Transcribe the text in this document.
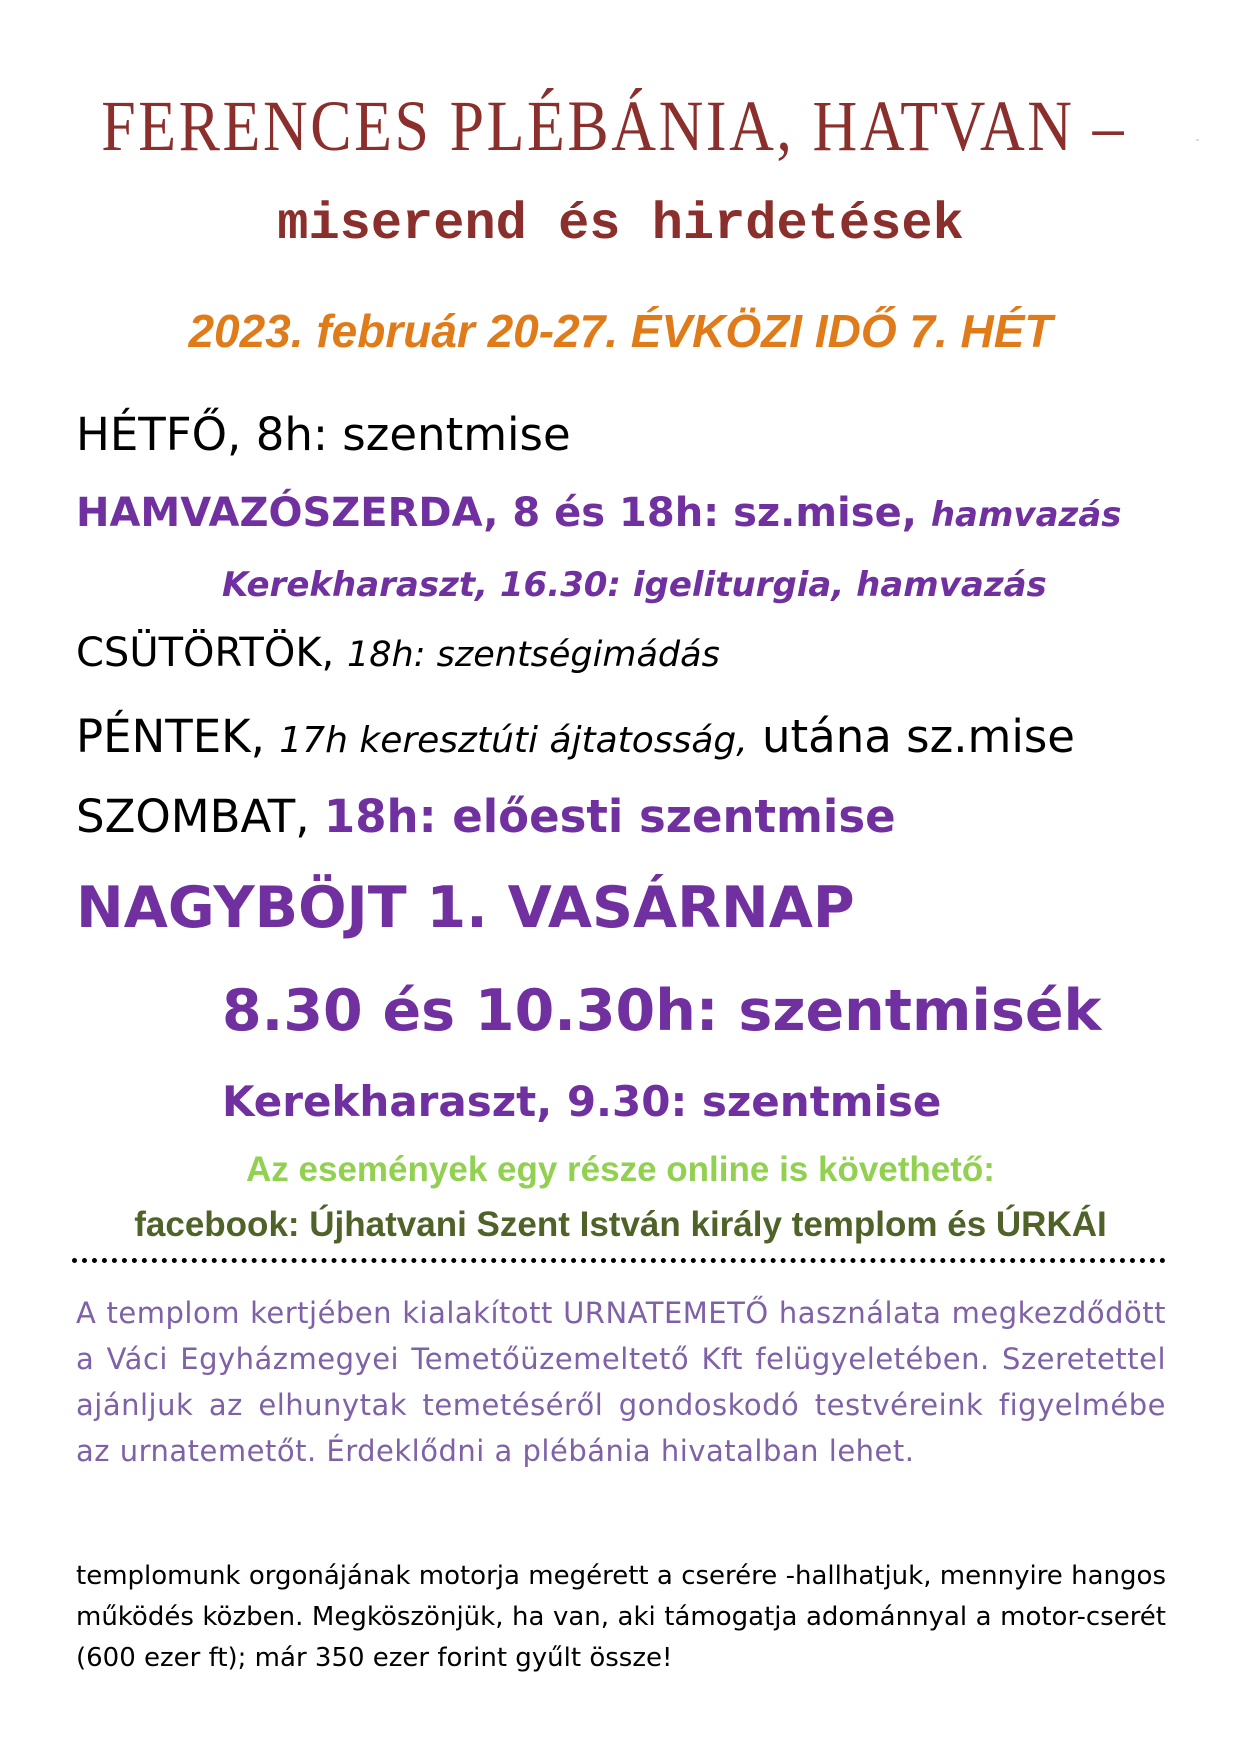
FERENCES PLÉBÁNIA, HATVAN –
miserend és hirdetések
2023. február 20-27. ÉVKÖZI IDŐ 7. HÉT
HÉTFŐ, 8h: szentmise
HAMVAZÓSZERDA, 8 és 18h: sz.mise, hamvazás
Kerekharaszt, 16.30: igeliturgia, hamvazás
CSÜTÖRTÖK, 18h: szentségimádás
PÉNTEK, 17h keresztúti ájtatosság, utána sz.mise
SZOMBAT, 18h: előesti szentmise
NAGYBÖJT 1. VASÁRNAP
8.30 és 10.30h: szentmisék
Kerekharaszt, 9.30: szentmise
Az események egy része online is követhető:
facebook: Újhatvani Szent István király templom és ÚRKÁI
A templom kertjében kialakított URNATEMETŐ használata megkezdődött a Váci Egyházmegyei Temetőüzemeltető Kft felügyeletében. Szeretettel ajánljuk az elhunytak temetéséről gondoskodó testvéreink figyelmébe az urnatemetőt. Érdeklődni a plébánia hivatalban lehet.
templomunk orgonájának motorja megérett a cserére -hallhatjuk, mennyire hangos működés közben. Megköszönjük, ha van, aki támogatja adománnyal a motor-cserét (600 ezer ft); már 350 ezer forint gyűlt össze!
